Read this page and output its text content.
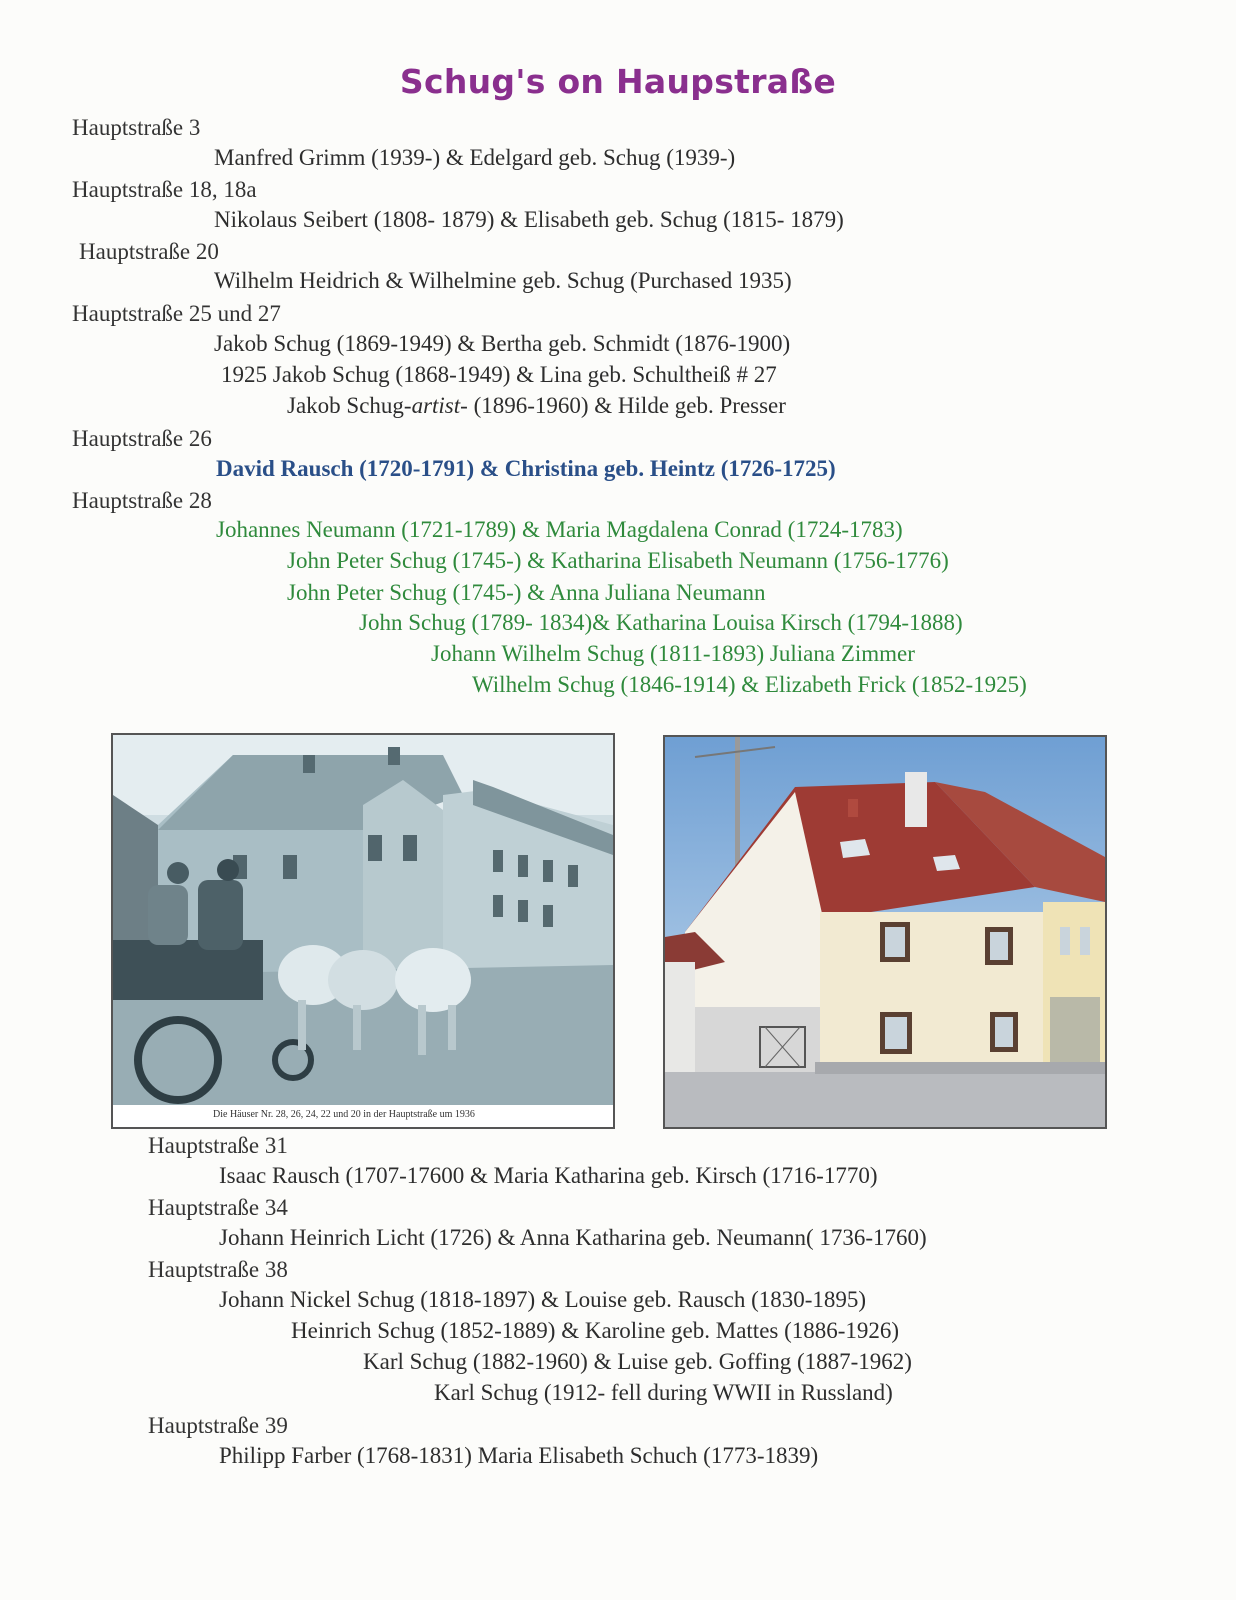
Schug's on Haupstraße
Hauptstraße 3
Manfred Grimm (1939-) & Edelgard geb. Schug (1939-)
Hauptstraße 18, 18a
Nikolaus Seibert (1808- 1879) & Elisabeth geb. Schug (1815- 1879)
Hauptstraße 20
Wilhelm Heidrich & Wilhelmine geb. Schug (Purchased 1935)
Hauptstraße 25 und 27
Jakob Schug (1869-1949) & Bertha geb. Schmidt (1876-1900)
1925 Jakob Schug (1868-1949) & Lina geb. Schultheiß # 27
Jakob Schug-artist- (1896-1960) & Hilde geb. Presser
Hauptstraße 26
David Rausch (1720-1791) & Christina geb. Heintz (1726-1725)
Hauptstraße 28
Johannes Neumann (1721-1789) & Maria Magdalena Conrad (1724-1783)
John Peter Schug (1745-) & Katharina Elisabeth Neumann (1756-1776)
John Peter Schug (1745-) & Anna Juliana Neumann
John Schug (1789- 1834)& Katharina Louisa Kirsch (1794-1888)
Johann Wilhelm Schug (1811-1893) Juliana Zimmer
Wilhelm Schug (1846-1914) & Elizabeth Frick (1852-1925)
Die Häuser Nr. 28, 26, 24, 22 und 20 in der Hauptstraße um 1936
Hauptstraße 31
Isaac Rausch (1707-17600 & Maria Katharina geb. Kirsch (1716-1770)
Hauptstraße 34
Johann Heinrich Licht (1726) & Anna Katharina geb. Neumann( 1736-1760)
Hauptstraße 38
Johann Nickel Schug (1818-1897) & Louise geb. Rausch (1830-1895)
Heinrich Schug (1852-1889) & Karoline geb. Mattes (1886-1926)
Karl Schug (1882-1960) & Luise geb. Goffing (1887-1962)
Karl Schug (1912- fell during WWII in Russland)
Hauptstraße 39
Philipp Farber (1768-1831) Maria Elisabeth Schuch (1773-1839)
